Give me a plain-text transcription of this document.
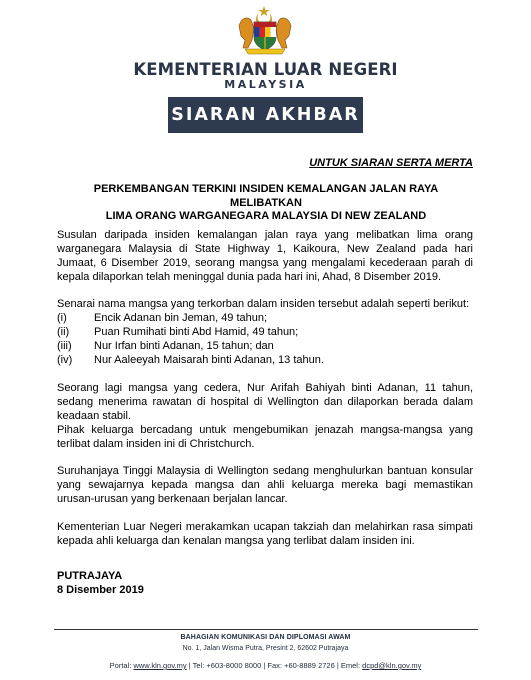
KEMENTERIAN LUAR NEGERI
MALAYSIA
SIARAN AKHBAR
UNTUK SIARAN SERTA MERTA
PERKEMBANGAN TERKINI INSIDEN KEMALANGAN JALAN RAYA MELIBATKAN
LIMA ORANG WARGANEGARA MALAYSIA DI NEW ZEALAND
Susulan daripada insiden kemalangan jalan raya yang melibatkan lima orang warganegara Malaysia di State Highway 1, Kaikoura, New Zealand pada hari Jumaat, 6 Disember 2019, seorang mangsa yang mengalami kecederaan parah di kepala dilaporkan telah meninggal dunia pada hari ini, Ahad, 8 Disember 2019.
Senarai nama mangsa yang terkorban dalam insiden tersebut adalah seperti berikut:
(i)	Encik Adanan bin Jeman, 49 tahun;
(ii)	Puan Rumihati binti Abd Hamid, 49 tahun;
(iii)	Nur Irfan binti Adanan, 15 tahun; dan
(iv)	Nur Aaleeyah Maisarah binti Adanan, 13 tahun.
Seorang lagi mangsa yang cedera, Nur Arifah Bahiyah binti Adanan, 11 tahun, sedang menerima rawatan di hospital di Wellington dan dilaporkan berada dalam keadaan stabil.
Pihak keluarga bercadang untuk mengebumikan jenazah mangsa-mangsa yang terlibat dalam insiden ini di Christchurch.
Suruhanjaya Tinggi Malaysia di Wellington sedang menghulurkan bantuan konsular yang sewajarnya kepada mangsa dan ahli keluarga mereka bagi memastikan urusan-urusan yang berkenaan berjalan lancar.
Kementerian Luar Negeri merakamkan ucapan takziah dan melahirkan rasa simpati kepada ahli keluarga dan kenalan mangsa yang terlibat dalam insiden ini.
PUTRAJAYA
8 Disember 2019
BAHAGIAN KOMUNIKASI DAN DIPLOMASI AWAM
No. 1, Jalan Wisma Putra, Presint 2, 62602 Putrajaya
Portal: www.kln.gov.my | Tel: +603-8000 8000 | Fax: +60-8889 2726 | Emel: dcpd@kln.gov.my
